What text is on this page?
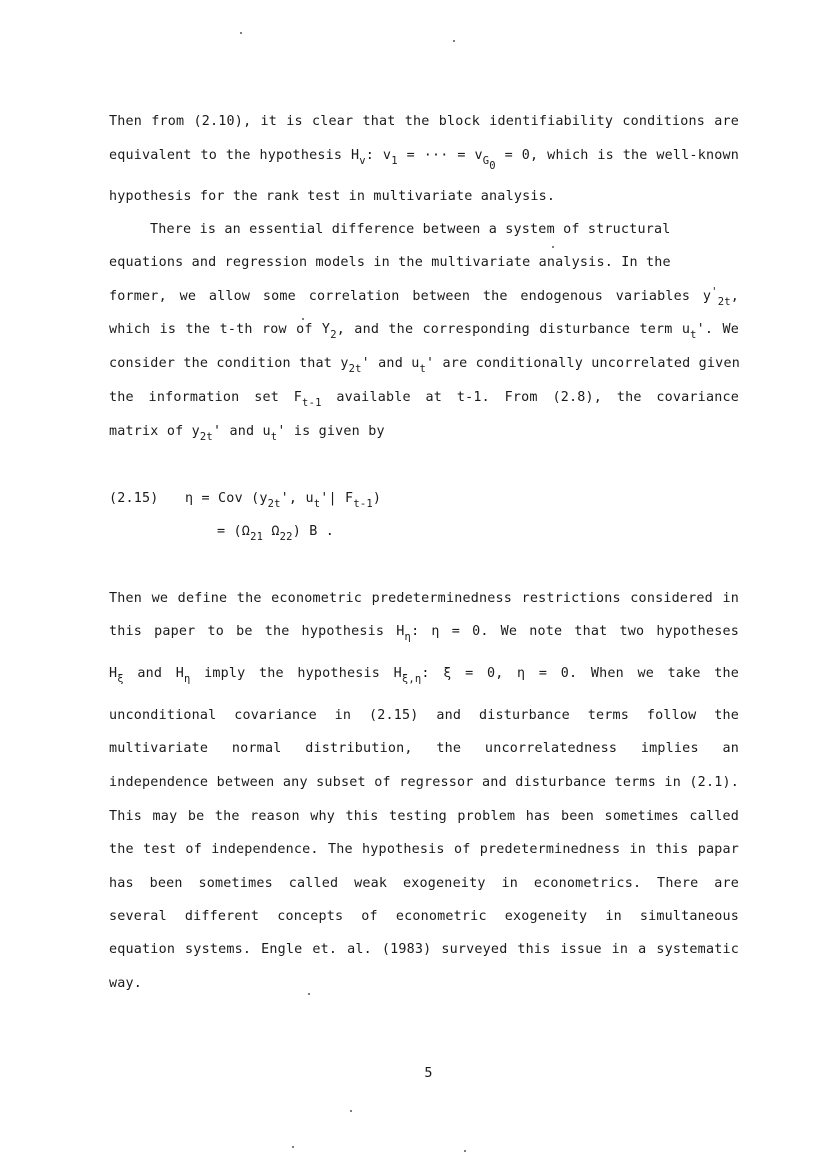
Then from (2.10), it is clear that the block identifiability conditions are
equivalent to the hypothesis $H_v$: $v_1$ = ··· = $v_{G_0} = 0$, which is the well-known
hypothesis for the rank test in multivariate analysis.
There is an essential difference between a system of structural
equations and regression models in the multivariate analysis. In the
former, we allow some correlation between the endogenous variables $y'_{2t}$,
which is the t-th row of $Y_2$, and the corresponding disturbance term $u_t'$. We
consider the condition that $y_{2t}'$ and $u_t'$ are conditionally uncorrelated given
the information set $F_{t-1}$ available at t-1. From (2.8), the covariance
matrix of $y_{2t}'$ and $u_t'$ is given by
(2.15) η = Cov ($y_{2t}'$, $u_t'|$ $F_{t-1}$)
= ($\Omega_{21}$ $\Omega_{22}$) B .
Then we define the econometric predeterminedness restrictions considered in
this paper to be the hypothesis $H_\eta$: η = 0. We note that two hypotheses
$H_\xi$ and $H_\eta$ imply the hypothesis $H_{\xi,\eta}$: ξ = 0, η = 0. When we take the
unconditional covariance in (2.15) and disturbance terms follow the
multivariate normal distribution, the uncorrelatedness implies an
independence between any subset of regressor and disturbance terms in (2.1).
This may be the reason why this testing problem has been sometimes called
the test of independence. The hypothesis of predeterminedness in this papar
has been sometimes called weak exogeneity in econometrics. There are
several different concepts of econometric exogeneity in simultaneous
equation systems. Engle et. al. (1983) surveyed this issue in a systematic
way.
5
